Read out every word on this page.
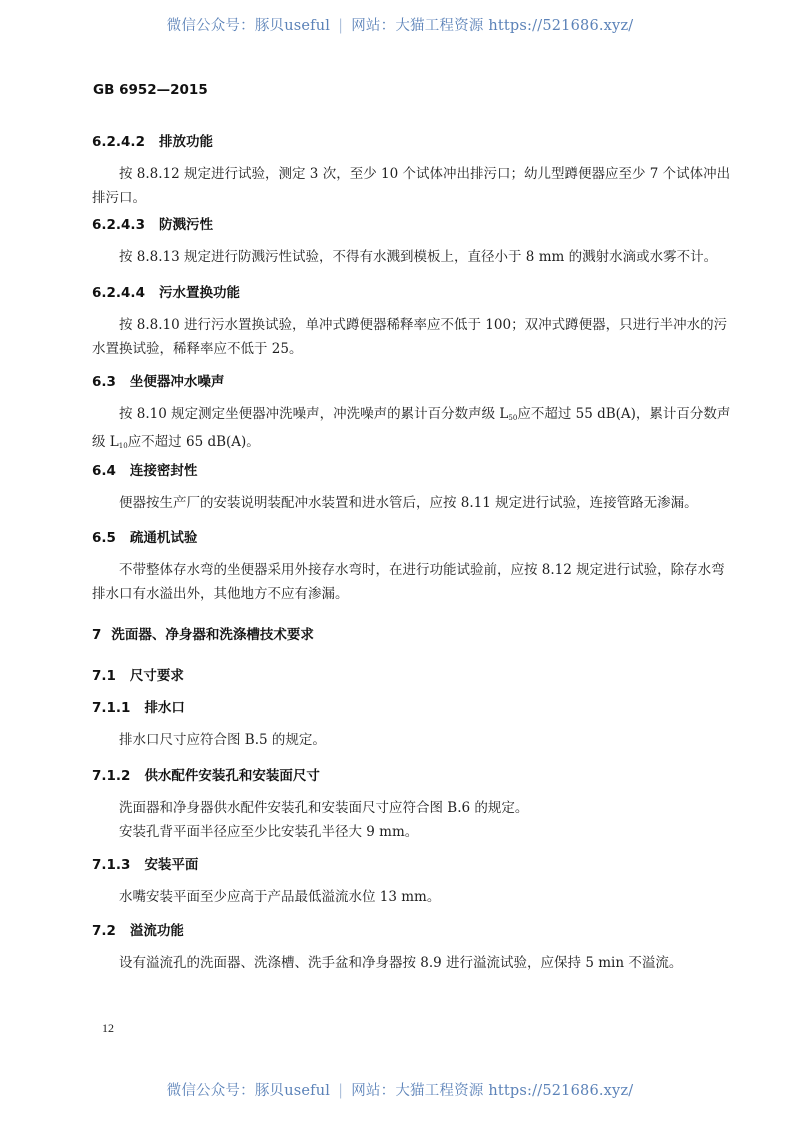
微信公众号：豚贝useful | 网站：大猫工程资源 https://521686.xyz/
GB 6952—2015
6.2.4.2 排放功能
按 8.8.12 规定进行试验，测定 3 次，至少 10 个试体冲出排污口；幼儿型蹲便器应至少 7 个试体冲出排污口。
6.2.4.3 防溅污性
按 8.8.13 规定进行防溅污性试验，不得有水溅到模板上，直径小于 8 mm 的溅射水滴或水雾不计。
6.2.4.4 污水置换功能
按 8.8.10 进行污水置换试验，单冲式蹲便器稀释率应不低于 100；双冲式蹲便器，只进行半冲水的污水置换试验，稀释率应不低于 25。
6.3 坐便器冲水噪声
按 8.10 规定测定坐便器冲洗噪声，冲洗噪声的累计百分数声级 $L_{50}$应不超过 55 dB(A)，累计百分数声级 $L_{10}$应不超过 65 dB(A)。
6.4 连接密封性
便器按生产厂的安装说明装配冲水装置和进水管后，应按 8.11 规定进行试验，连接管路无渗漏。
6.5 疏通机试验
不带整体存水弯的坐便器采用外接存水弯时，在进行功能试验前，应按 8.12 规定进行试验，除存水弯排水口有水溢出外，其他地方不应有渗漏。
7 洗面器、净身器和洗涤槽技术要求
7.1 尺寸要求
7.1.1 排水口
排水口尺寸应符合图 B.5 的规定。
7.1.2 供水配件安装孔和安装面尺寸
洗面器和净身器供水配件安装孔和安装面尺寸应符合图 B.6 的规定。
安装孔背平面半径应至少比安装孔半径大 9 mm。
7.1.3 安装平面
水嘴安装平面至少应高于产品最低溢流水位 13 mm。
7.2 溢流功能
设有溢流孔的洗面器、洗涤槽、洗手盆和净身器按 8.9 进行溢流试验，应保持 5 min 不溢流。
12
微信公众号：豚贝useful | 网站：大猫工程资源 https://521686.xyz/
